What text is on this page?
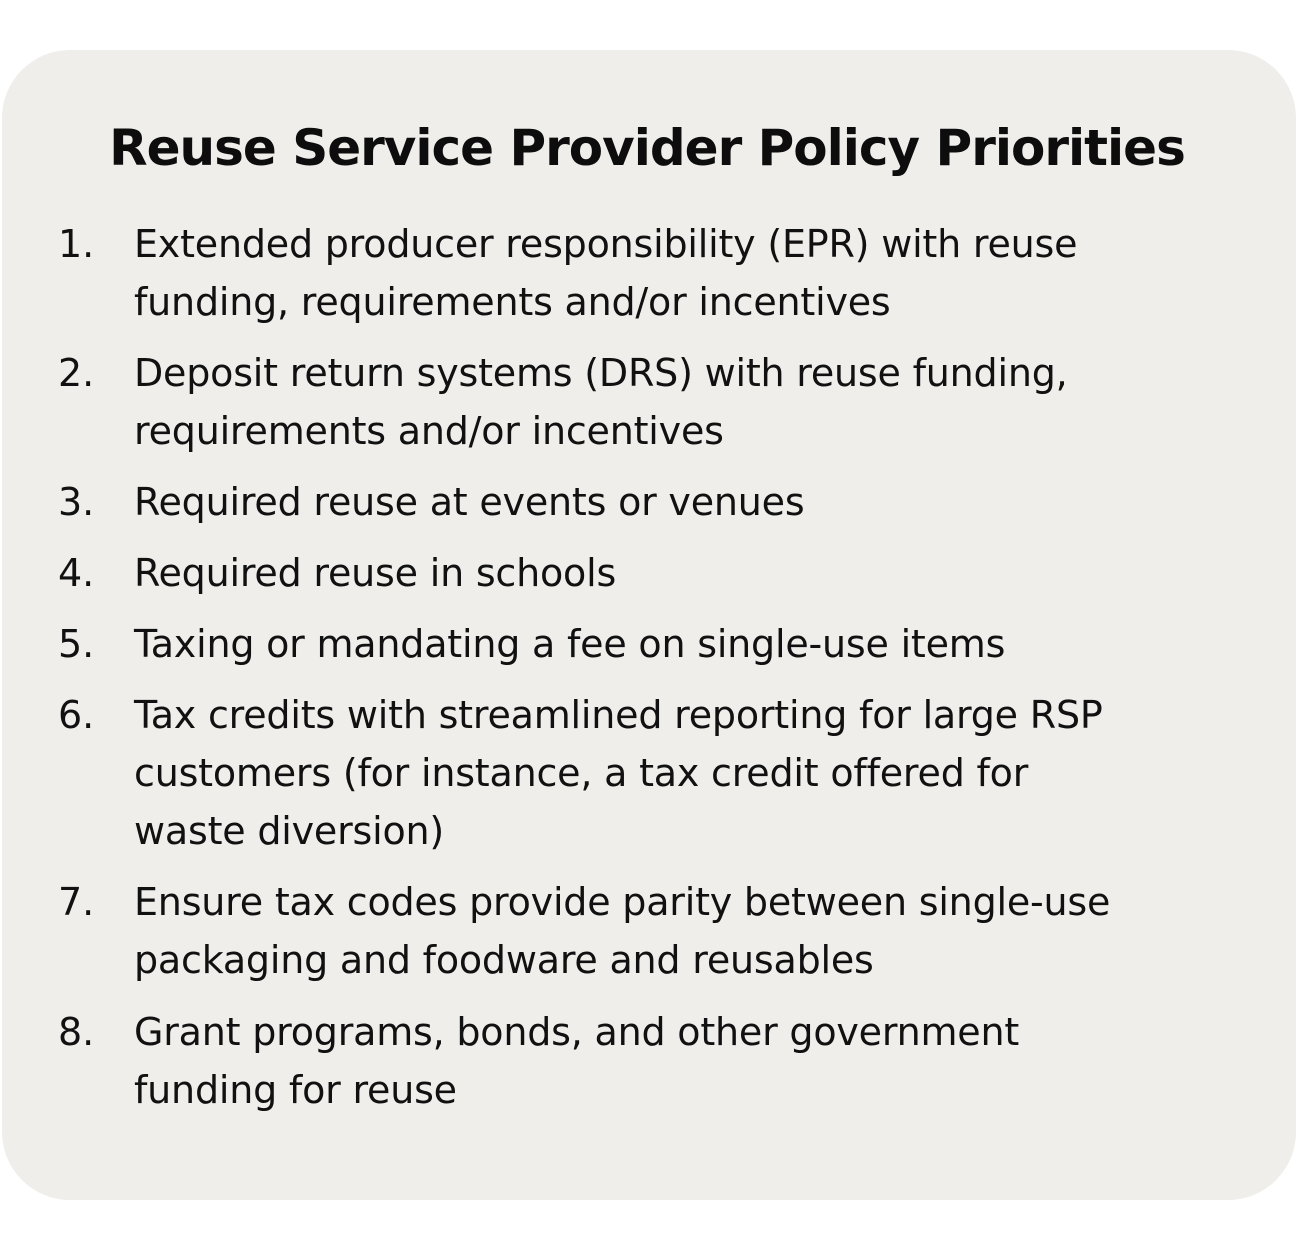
Reuse Service Provider Policy Priorities
1. Extended producer responsibility (EPR) with reuse
funding, requirements and/or incentives
2. Deposit return systems (DRS) with reuse funding,
requirements and/or incentives
3. Required reuse at events or venues
4. Required reuse in schools
5. Taxing or mandating a fee on single-use items
6. Tax credits with streamlined reporting for large RSP
customers (for instance, a tax credit offered for
waste diversion)
7. Ensure tax codes provide parity between single-use
packaging and foodware and reusables
8. Grant programs, bonds, and other government
funding for reuse
